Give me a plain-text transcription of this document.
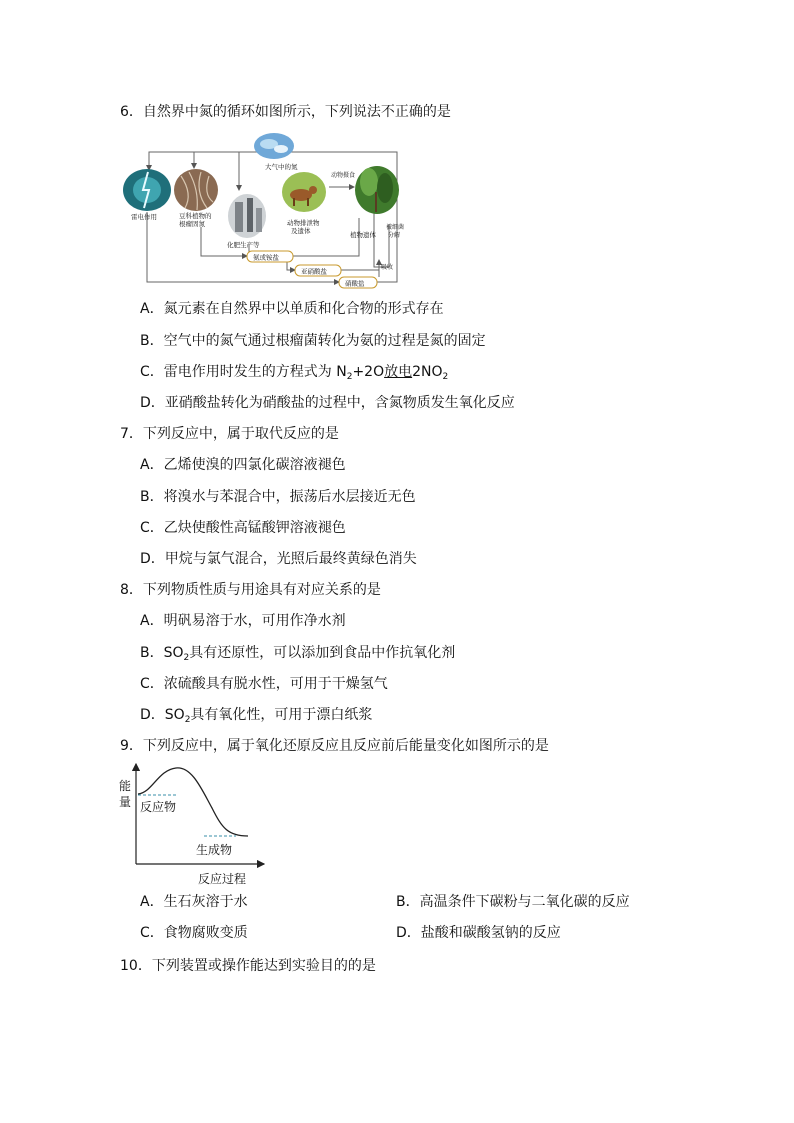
6．自然界中氮的循环如图所示，下列说法不正确的是
大气中的氮
雷电作用	豆科植物的
根瘤固氮
化肥生产等
动物摄食
动物排泄物
及遗体	植物遗体
被细菌
分解
吸收
氨或铵盐
亚硝酸盐
硝酸盐
A．氮元素在自然界中以单质和化合物的形式存在
B．空气中的氮气通过根瘤菌转化为氨的过程是氮的固定
C．雷电作用时发生的方程式为 $N_2+2O$放电$2NO_2$
D．亚硝酸盐转化为硝酸盐的过程中，含氮物质发生氧化反应
7．下列反应中，属于取代反应的是
A．乙烯使溴的四氯化碳溶液褪色
B．将溴水与苯混合中，振荡后水层接近无色
C．乙炔使酸性高锰酸钾溶液褪色
D．甲烷与氯气混合，光照后最终黄绿色消失
8．下列物质性质与用途具有对应关系的是
A．明矾易溶于水，可用作净水剂
B．$SO_2$具有还原性，可以添加到食品中作抗氧化剂
C．浓硫酸具有脱水性，可用于干燥氢气
D．$SO_2$具有氧化性，可用于漂白纸浆
9．下列反应中，属于氧化还原反应且反应前后能量变化如图所示的是
能
量 反应物
生成物
反应过程
A．生石灰溶于水	B．高温条件下碳粉与二氧化碳的反应
C．食物腐败变质	D．盐酸和碳酸氢钠的反应
10．下列装置或操作能达到实验目的的是
